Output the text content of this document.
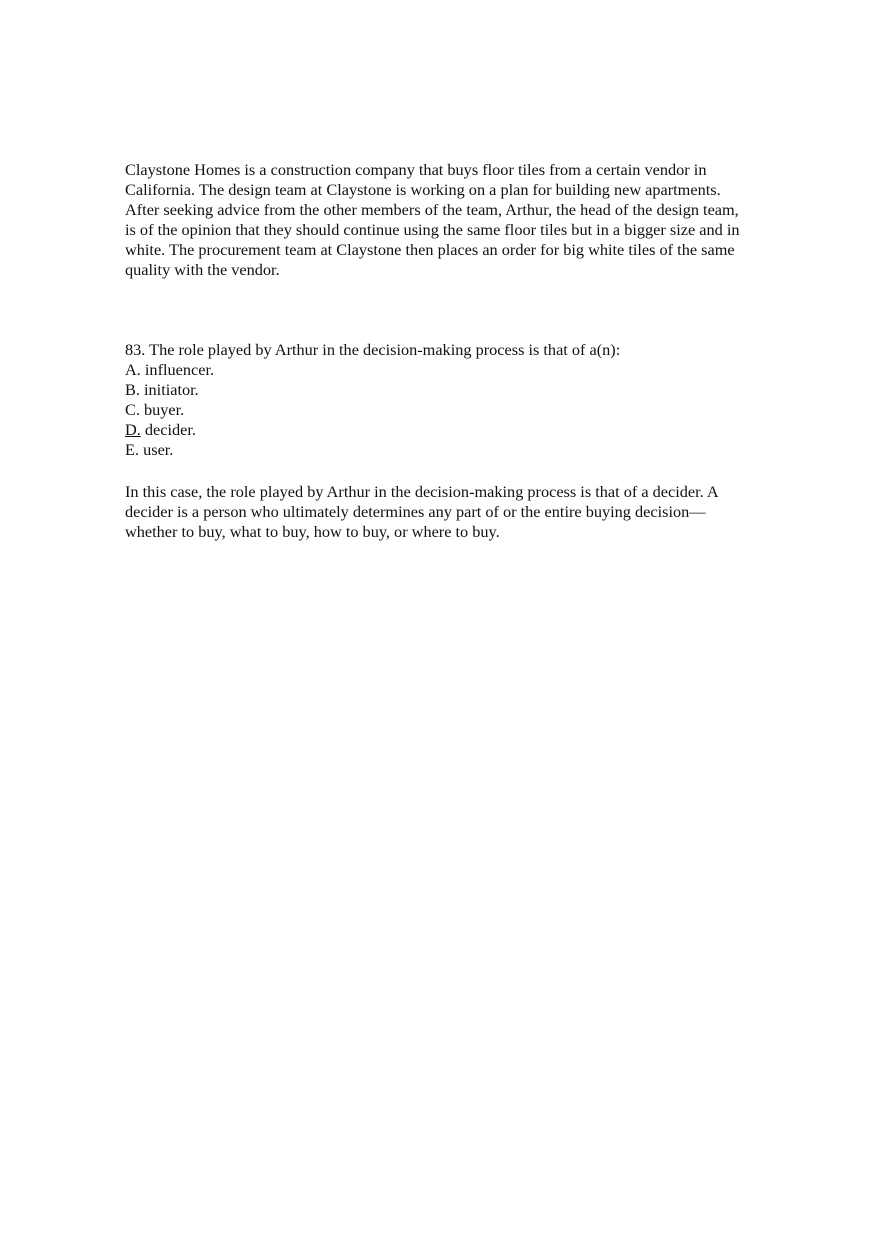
Claystone Homes is a construction company that buys floor tiles from a certain vendor in

California. The design team at Claystone is working on a plan for building new apartments.

After seeking advice from the other members of the team, Arthur, the head of the design team,

is of the opinion that they should continue using the same floor tiles but in a bigger size and in

white. The procurement team at Claystone then places an order for big white tiles of the same

quality with the vendor.

83. The role played by Arthur in the decision-making process is that of a(n):

A. influencer.

B. initiator.

C. buyer.

D. decider.

E. user.

In this case, the role played by Arthur in the decision-making process is that of a decider. A

decider is a person who ultimately determines any part of or the entire buying decision—

whether to buy, what to buy, how to buy, or where to buy.
